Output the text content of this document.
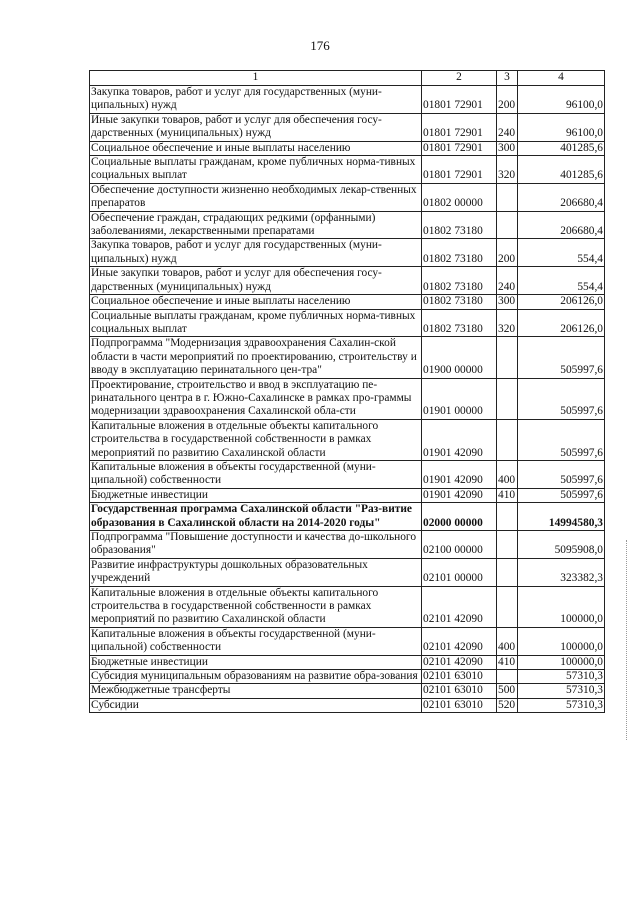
176
1	2	3	4
Закупка товаров, работ и услуг для государственных (муни-ципальных) нужд	01801 72901	200	96100,0
Иные закупки товаров, работ и услуг для обеспечения госу-дарственных (муниципальных) нужд	01801 72901	240	96100,0
Социальное обеспечение и иные выплаты населению	01801 72901	300	401285,6
Социальные выплаты гражданам, кроме публичных норма-тивных социальных выплат	01801 72901	320	401285,6
Обеспечение доступности жизненно необходимых лекар-ственных препаратов	01802 00000		206680,4
Обеспечение граждан, страдающих редкими (орфанными) заболеваниями, лекарственными препаратами	01802 73180		206680,4
Закупка товаров, работ и услуг для государственных (муни-ципальных) нужд	01802 73180	200	554,4
Иные закупки товаров, работ и услуг для обеспечения госу-дарственных (муниципальных) нужд	01802 73180	240	554,4
Социальное обеспечение и иные выплаты населению	01802 73180	300	206126,0
Социальные выплаты гражданам, кроме публичных норма-тивных социальных выплат	01802 73180	320	206126,0
Подпрограмма "Модернизация здравоохранения Сахалин-ской области в части мероприятий по проектированию, строительству и вводу в эксплуатацию перинатального цен-тра"	01900 00000		505997,6
Проектирование, строительство и ввод в эксплуатацию пе-ринатального центра в г. Южно-Сахалинске в рамках про-граммы модернизации здравоохранения Сахалинской обла-сти	01901 00000		505997,6
Капитальные вложения в отдельные объекты капитального строительства в государственной собственности в рамках мероприятий по развитию Сахалинской области	01901 42090		505997,6
Капитальные вложения в объекты государственной (муни-ципальной) собственности	01901 42090	400	505997,6
Бюджетные инвестиции	01901 42090	410	505997,6
Государственная программа Сахалинской области "Раз-витие образования в Сахалинской области на 2014-2020 годы"	02000 00000		14994580,3
Подпрограмма "Повышение доступности и качества до-школьного образования"	02100 00000		5095908,0
Развитие инфраструктуры дошкольных образовательных учреждений	02101 00000		323382,3
Капитальные вложения в отдельные объекты капитального строительства в государственной собственности в рамках мероприятий по развитию Сахалинской области	02101 42090		100000,0
Капитальные вложения в объекты государственной (муни-ципальной) собственности	02101 42090	400	100000,0
Бюджетные инвестиции	02101 42090	410	100000,0
Субсидия муниципальным образованиям на развитие обра-зования	02101 63010		57310,3
Межбюджетные трансферты	02101 63010	500	57310,3
Субсидии	02101 63010	520	57310,3
